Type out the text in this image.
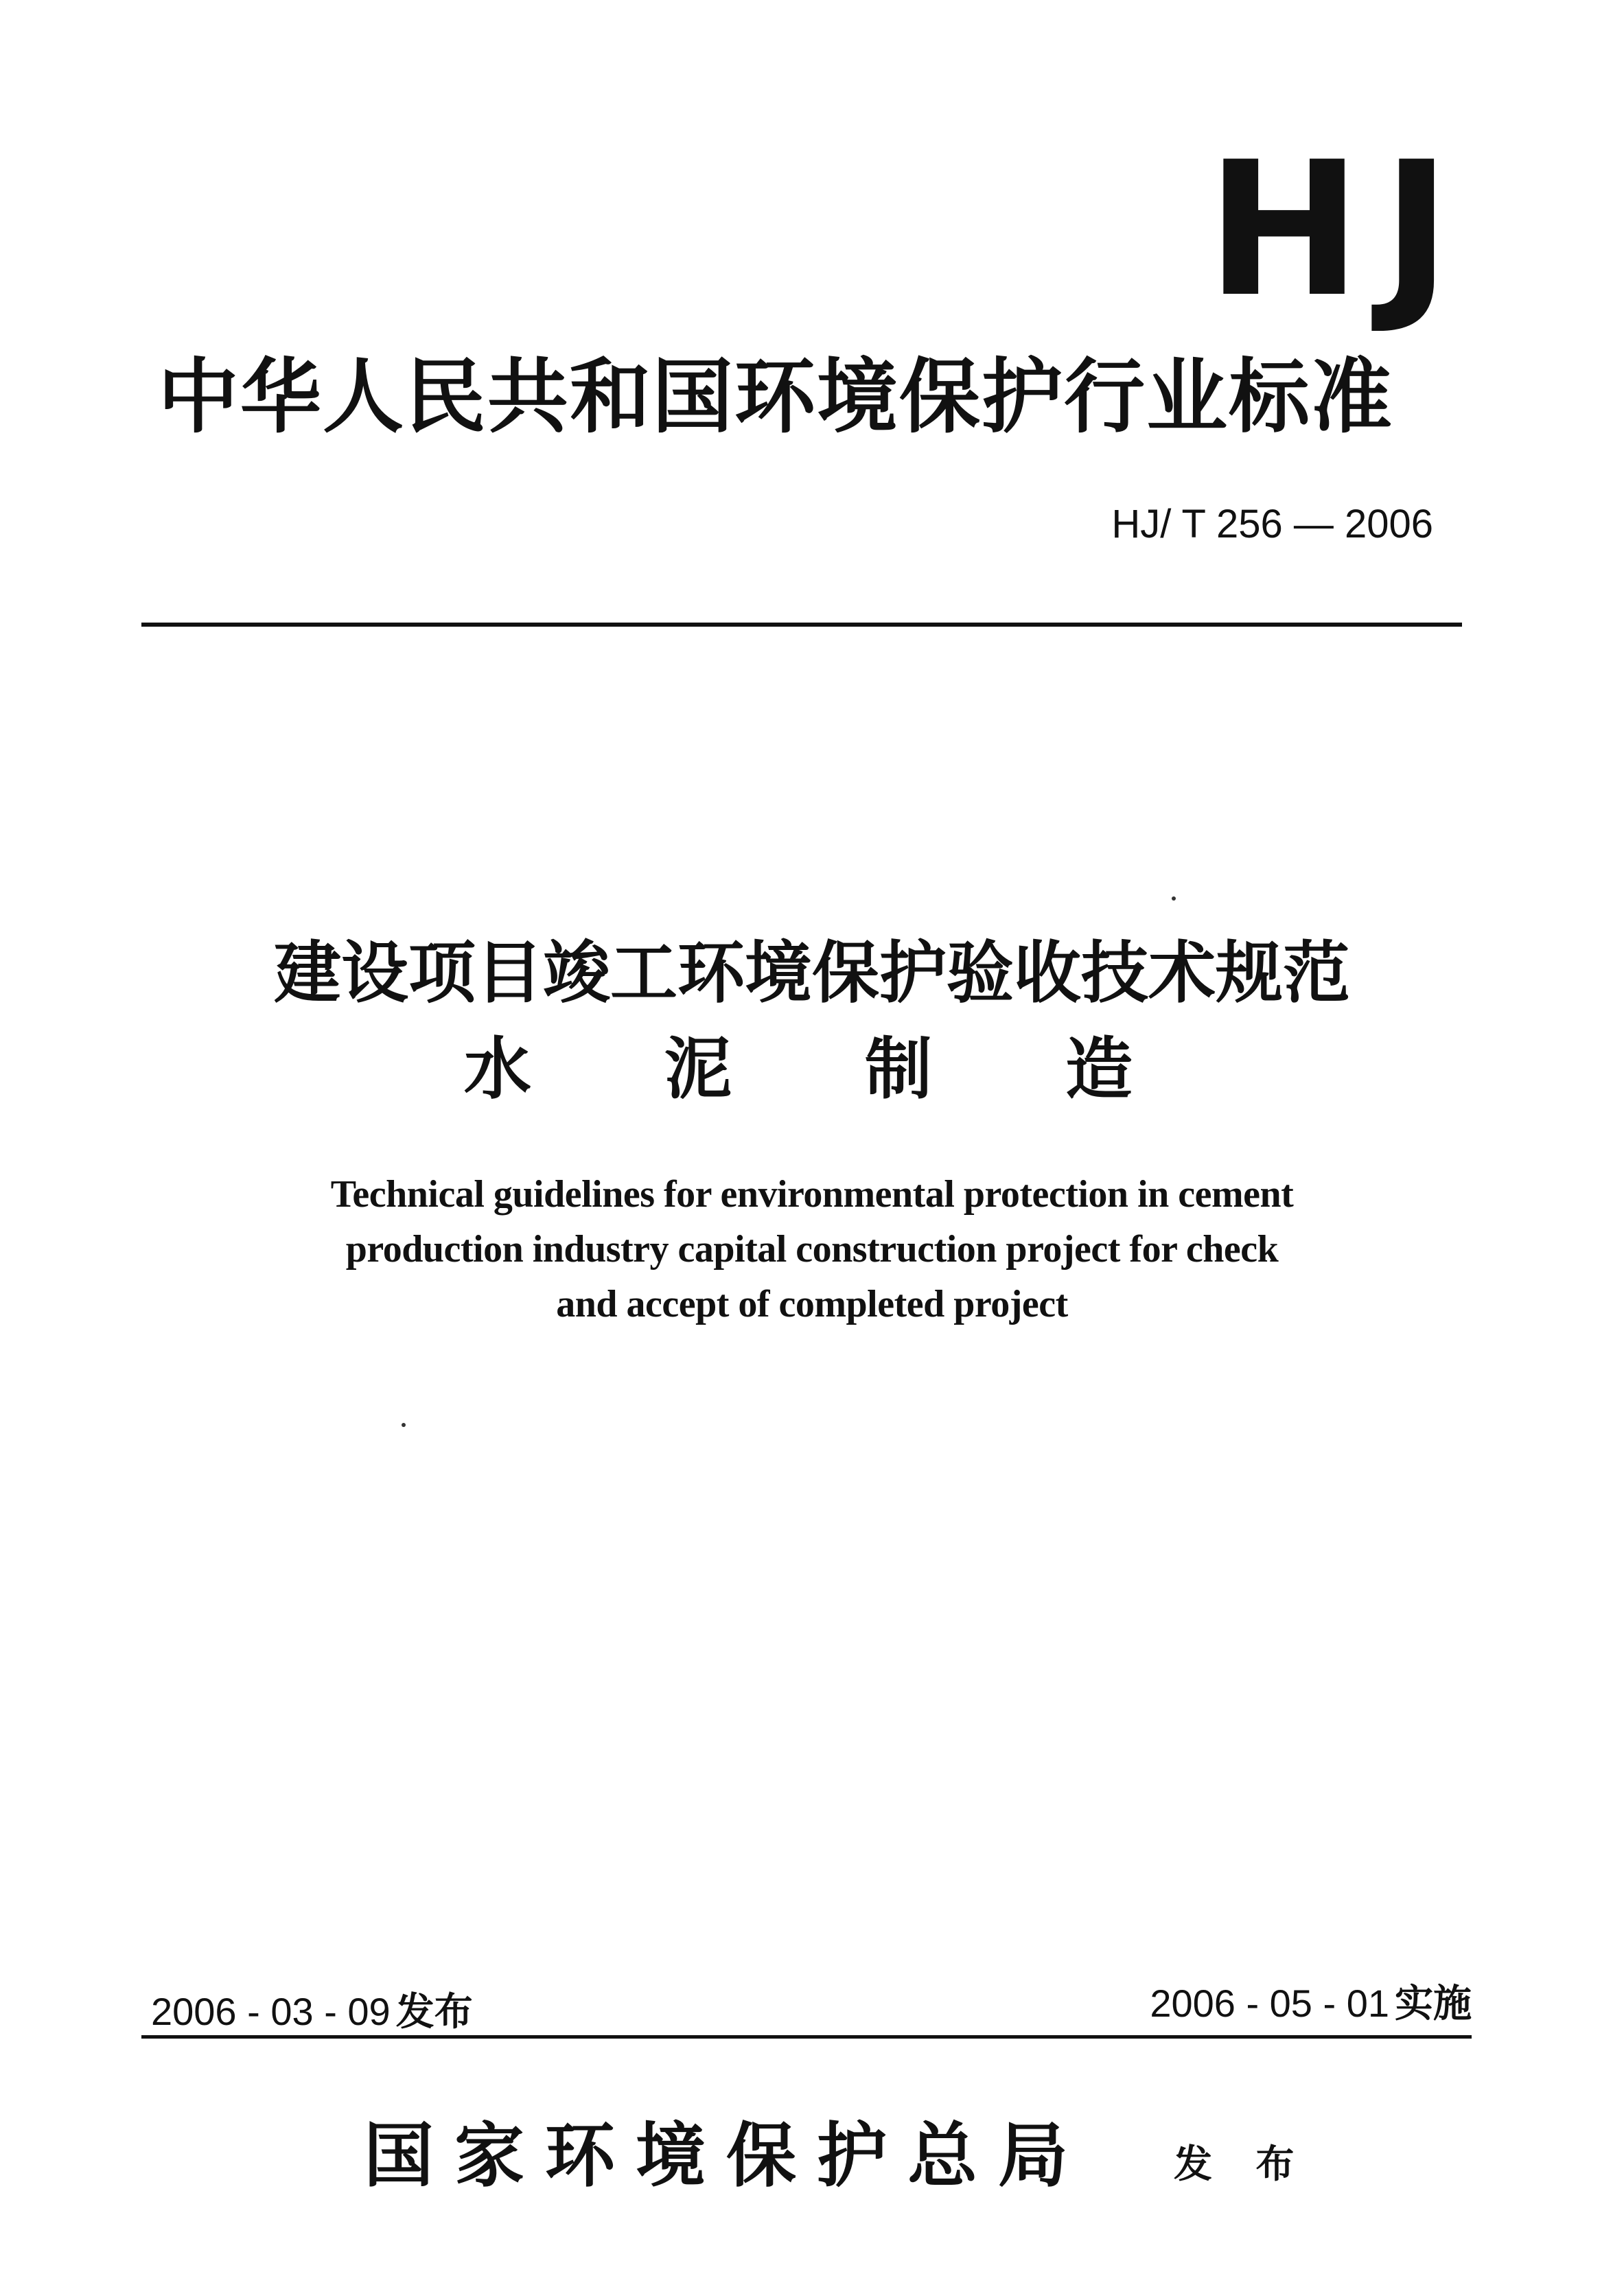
HJ
中华人民共和国环境保护行业标准
HJ/ T 256 — 2006
建设项目竣工环境保护验收技术规范
水 泥 制 造
Technical guidelines for environmental protection in cement
production industry capital construction project for check
and accept of completed project
2006 - 03 - 09 发布	2006 - 05 - 01 实施
国家环境保护总局 发 布
